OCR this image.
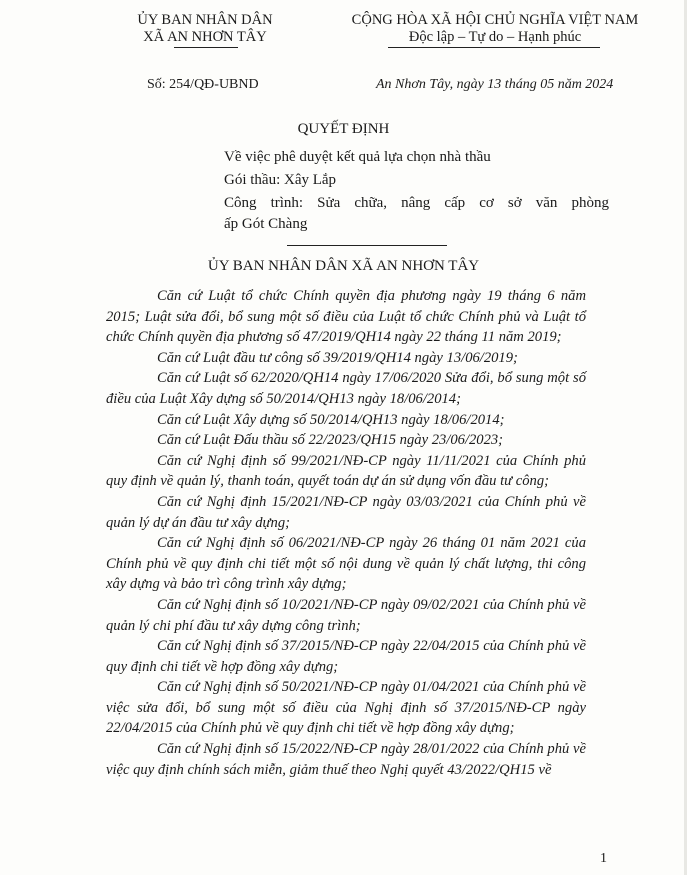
ỦY BAN NHÂN DÂN
XÃ AN NHƠN TÂY
CỘNG HÒA XÃ HỘI CHỦ NGHĨA VIỆT NAM
Độc lập – Tự do – Hạnh phúc
Số: 254/QĐ-UBND	An Nhơn Tây, ngày 13 tháng 05 năm 2024
QUYẾT ĐỊNH
Về việc phê duyệt kết quả lựa chọn nhà thầu
Gói thầu: Xây Lắp
Công trình: Sửa chữa, nâng cấp cơ sở văn phòng
ấp Gót Chàng
ỦY BAN NHÂN DÂN XÃ AN NHƠN TÂY

Căn cứ Luật tổ chức Chính quyền địa phương ngày 19 tháng 6 năm 2015; Luật sửa đổi, bổ sung một số điều của Luật tổ chức Chính phủ và Luật tổ chức Chính quyền địa phương số 47/2019/QH14 ngày 22 tháng 11 năm 2019;

Căn cứ Luật đầu tư công số 39/2019/QH14 ngày 13/06/2019;

Căn cứ Luật số 62/2020/QH14 ngày 17/06/2020 Sửa đổi, bổ sung một số điều của Luật Xây dựng số 50/2014/QH13 ngày 18/06/2014;

Căn cứ Luật Xây dựng số 50/2014/QH13 ngày 18/06/2014;

Căn cứ Luật Đấu thầu số 22/2023/QH15 ngày 23/06/2023;

Căn cứ Nghị định số 99/2021/NĐ-CP ngày 11/11/2021 của Chính phủ quy định về quản lý, thanh toán, quyết toán dự án sử dụng vốn đầu tư công;

Căn cứ Nghị định 15/2021/NĐ-CP ngày 03/03/2021 của Chính phủ về quản lý dự án đầu tư xây dựng;

Căn cứ Nghị định số 06/2021/NĐ-CP ngày 26 tháng 01 năm 2021 của Chính phủ về quy định chi tiết một số nội dung về quản lý chất lượng, thi công xây dựng và bảo trì công trình xây dựng;

Căn cứ Nghị định số 10/2021/NĐ-CP ngày 09/02/2021 của Chính phủ về quản lý chi phí đầu tư xây dựng công trình;

Căn cứ Nghị định số 37/2015/NĐ-CP ngày 22/04/2015 của Chính phủ về quy định chi tiết về hợp đồng xây dựng;

Căn cứ Nghị định số 50/2021/NĐ-CP ngày 01/04/2021 của Chính phủ về việc sửa đổi, bổ sung một số điều của Nghị định số 37/2015/NĐ-CP ngày 22/04/2015 của Chính phủ về quy định chi tiết về hợp đồng xây dựng;

Căn cứ Nghị định số 15/2022/NĐ-CP ngày 28/01/2022 của Chính phủ về việc quy định chính sách miễn, giảm thuế theo Nghị quyết 43/2022/QH15 về

1
